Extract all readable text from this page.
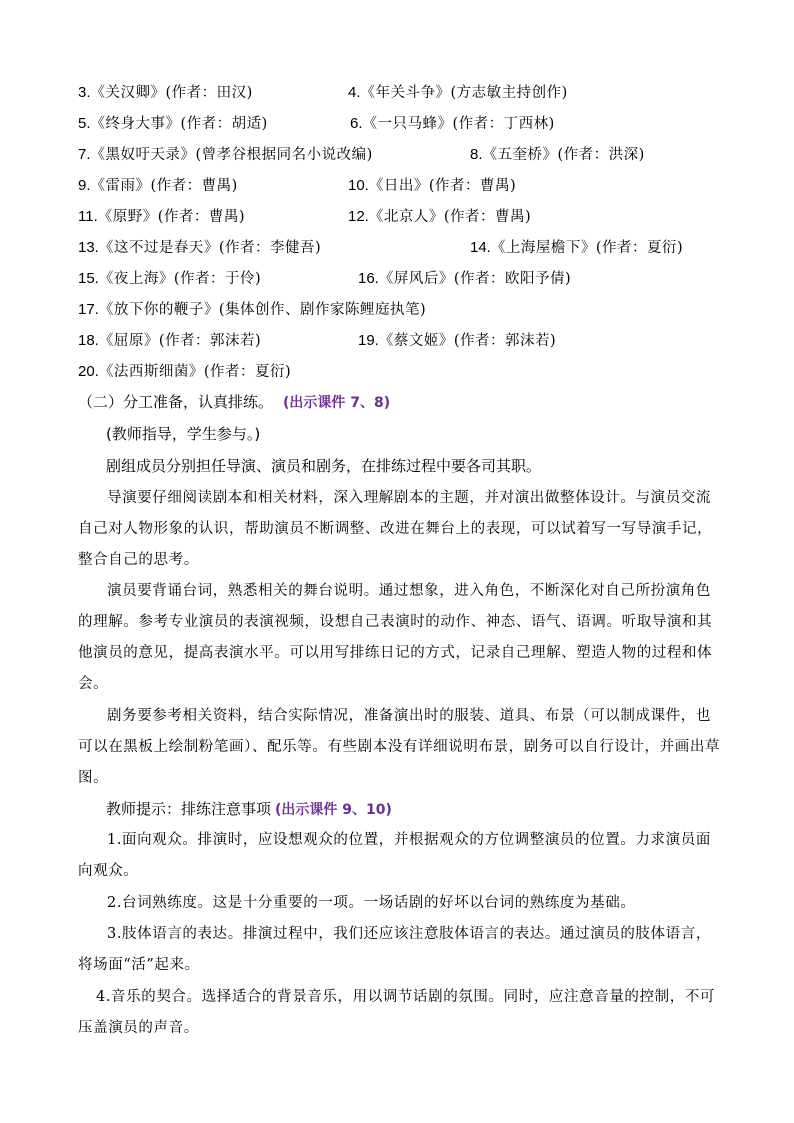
3.《关汉卿》(作者：田汉)	4.《年关斗争》(方志敏主持创作)
5.《终身大事》(作者：胡适)	6.《一只马蜂》(作者：丁西林)
7.《黑奴吁天录》(曾孝谷根据同名小说改编)	8.《五奎桥》(作者：洪深)
9.《雷雨》(作者：曹禺)	10.《日出》(作者：曹禺)
11.《原野》(作者：曹禺)	12.《北京人》(作者：曹禺)
13.《这不过是春天》(作者：李健吾)	14.《上海屋檐下》(作者：夏衍)
15.《夜上海》(作者：于伶)	16.《屏风后》(作者：欧阳予倩)
17.《放下你的鞭子》(集体创作、剧作家陈鲤庭执笔)
18.《屈原》(作者：郭沫若)	19.《蔡文姬》(作者：郭沫若)
20.《法西斯细菌》(作者：夏衍)
（二）分工准备，认真排练。 (出示课件 7、8)
(教师指导，学生参与。)
剧组成员分别担任导演、演员和剧务，在排练过程中要各司其职。
导演要仔细阅读剧本和相关材料，深入理解剧本的主题，并对演出做整体设计。与演员交流自己对人物形象的认识，帮助演员不断调整、改进在舞台上的表现，可以试着写一写导演手记，整合自己的思考。
演员要背诵台词，熟悉相关的舞台说明。通过想象，进入角色，不断深化对自己所扮演角色的理解。参考专业演员的表演视频，设想自己表演时的动作、神态、语气、语调。听取导演和其他演员的意见，提高表演水平。可以用写排练日记的方式，记录自己理解、塑造人物的过程和体会。
剧务要参考相关资料，结合实际情况，准备演出时的服装、道具、布景（可以制成课件，也可以在黑板上绘制粉笔画）、配乐等。有些剧本没有详细说明布景，剧务可以自行设计，并画出草图。
教师提示：排练注意事项 (出示课件 9、10)
1.面向观众。排演时，应设想观众的位置，并根据观众的方位调整演员的位置。力求演员面向观众。
2.台词熟练度。这是十分重要的一项。一场话剧的好坏以台词的熟练度为基础。
3.肢体语言的表达。排演过程中，我们还应该注意肢体语言的表达。通过演员的肢体语言，将场面“活”起来。
4.音乐的契合。选择适合的背景音乐，用以调节话剧的氛围。同时，应注意音量的控制，不可压盖演员的声音。
